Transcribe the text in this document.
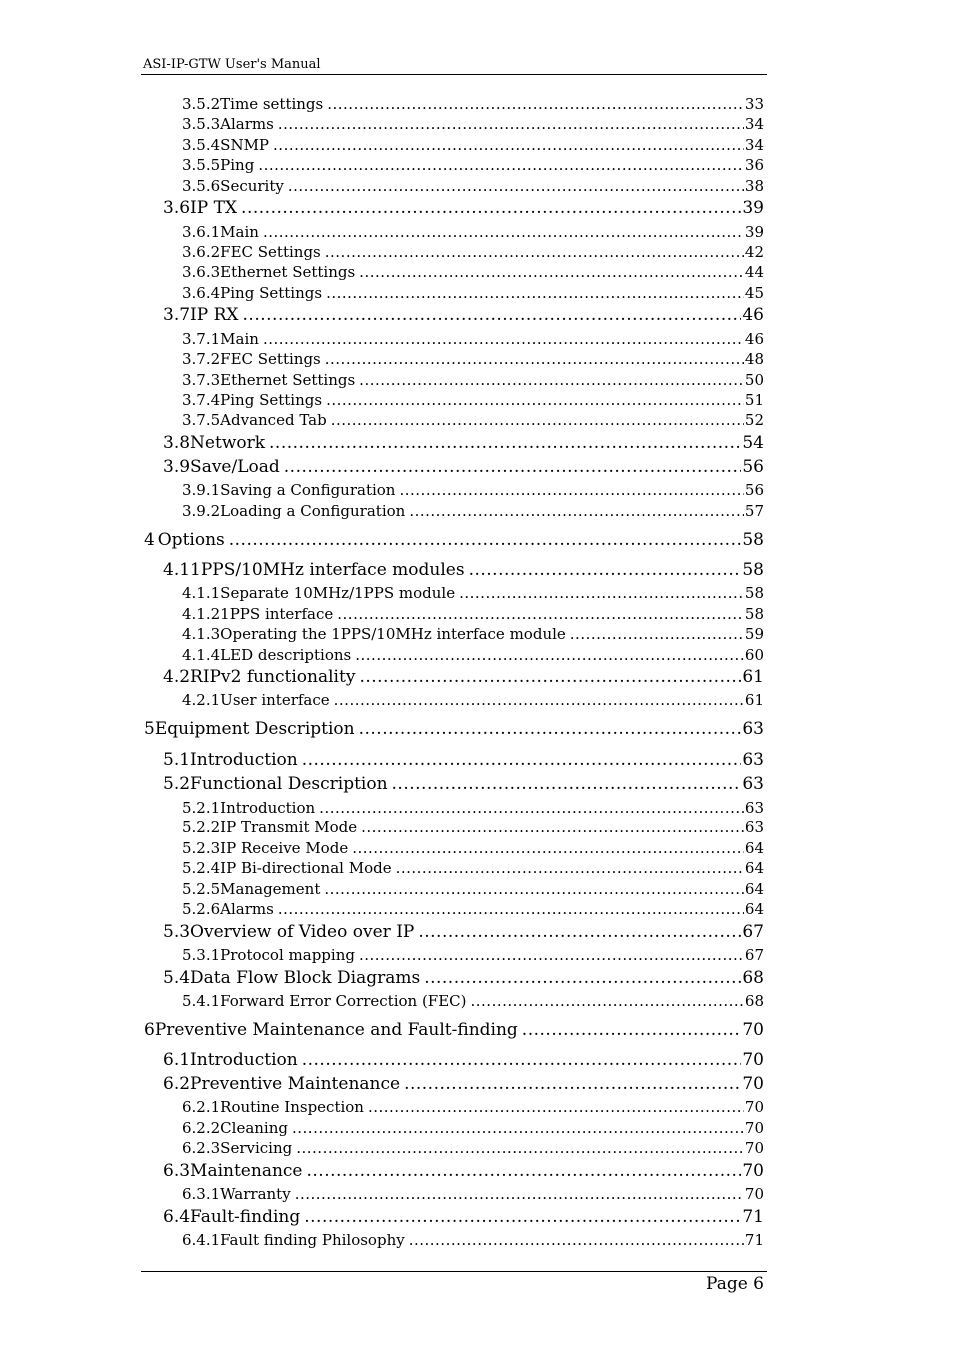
ASI-IP-GTW User's Manual
3.5.2 Time settings .....	33
3.5.3 Alarms .....	34
3.5.4 SNMP .....	34
3.5.5 Ping .....	36
3.5.6 Security .....	38
3.6 IP TX .....	39
3.6.1 Main .....	39
3.6.2 FEC Settings .....	42
3.6.3 Ethernet Settings .....	44
3.6.4 Ping Settings .....	45
3.7 IP RX .....	46
3.7.1 Main .....	46
3.7.2 FEC Settings .....	48
3.7.3 Ethernet Settings .....	50
3.7.4 Ping Settings .....	51
3.7.5 Advanced Tab .....	52
3.8 Network .....	54
3.9 Save/Load .....	56
3.9.1 Saving a Configuration .....	56
3.9.2 Loading a Configuration .....	57
4 Options .....	58
4.1 1PPS/10MHz interface modules .....	58
4.1.1 Separate 10MHz/1PPS module .....	58
4.1.2 1PPS interface .....	58
4.1.3 Operating the 1PPS/10MHz interface module .....	59
4.1.4 LED descriptions .....	60
4.2 RIPv2 functionality .....	61
4.2.1 User interface .....	61
5 Equipment Description .....	63
5.1 Introduction .....	63
5.2 Functional Description .....	63
5.2.1 Introduction .....	63
5.2.2 IP Transmit Mode .....	63
5.2.3 IP Receive Mode .....	64
5.2.4 IP Bi-directional Mode .....	64
5.2.5 Management .....	64
5.2.6 Alarms .....	64
5.3 Overview of Video over IP .....	67
5.3.1 Protocol mapping .....	67
5.4 Data Flow Block Diagrams .....	68
5.4.1 Forward Error Correction (FEC) .....	68
6 Preventive Maintenance and Fault-finding .....	70
6.1 Introduction .....	70
6.2 Preventive Maintenance .....	70
6.2.1 Routine Inspection .....	70
6.2.2 Cleaning .....	70
6.2.3 Servicing .....	70
6.3 Maintenance .....	70
6.3.1 Warranty .....	70
6.4 Fault-finding .....	71
6.4.1 Fault finding Philosophy .....	71
Page 6
